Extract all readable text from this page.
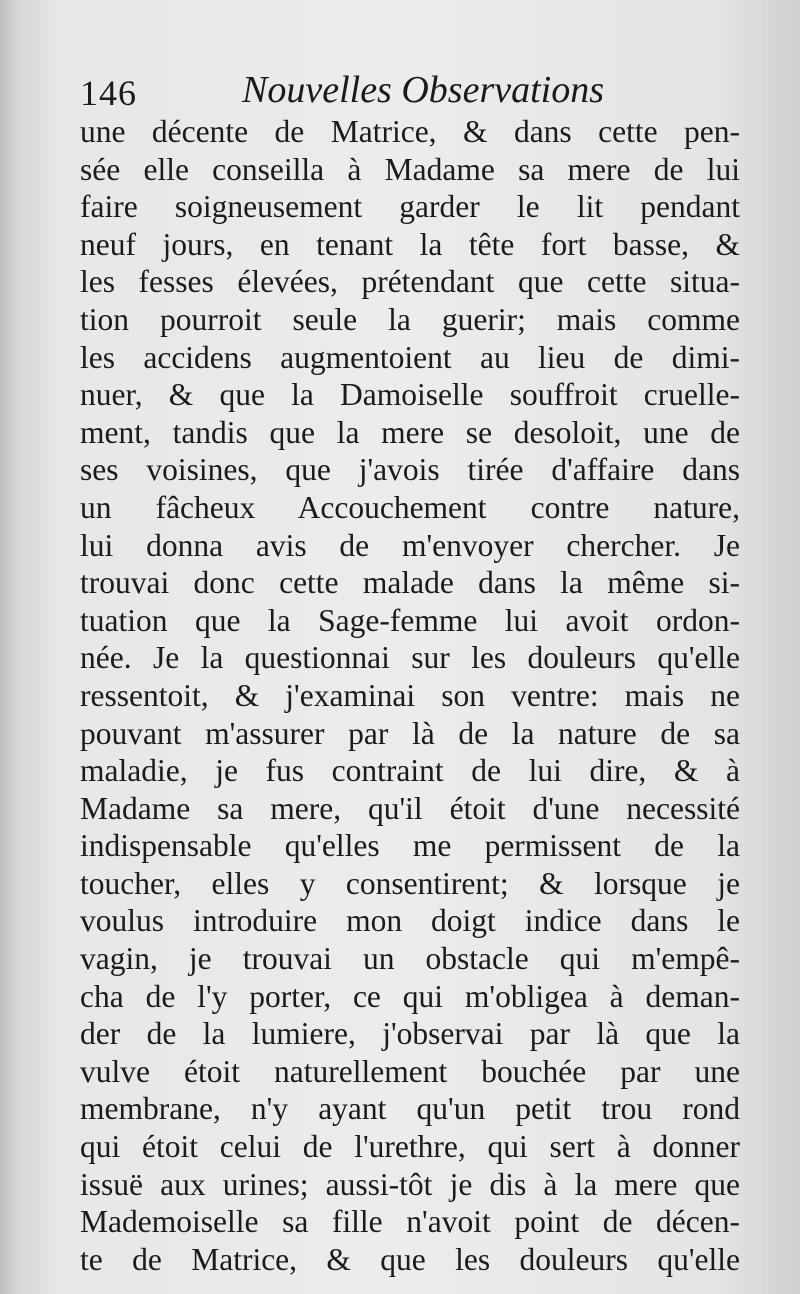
146	Nouvelles Observations
une décente de Matrice, & dans cette pen-
sée elle conseilla à Madame sa mere de lui
faire soigneusement garder le lit pendant
neuf jours, en tenant la tête fort basse, &
les fesses élevées, prétendant que cette situa-
tion pourroit seule la guerir; mais comme
les accidens augmentoient au lieu de dimi-
nuer, & que la Damoiselle souffroit cruelle-
ment, tandis que la mere se desoloit, une de
ses voisines, que j'avois tirée d'affaire dans
un fâcheux Accouchement contre nature,
lui donna avis de m'envoyer chercher. Je
trouvai donc cette malade dans la même si-
tuation que la Sage-femme lui avoit ordon-
née. Je la questionnai sur les douleurs qu'elle
ressentoit, & j'examinai son ventre: mais ne
pouvant m'assurer par là de la nature de sa
maladie, je fus contraint de lui dire, & à
Madame sa mere, qu'il étoit d'une necessité
indispensable qu'elles me permissent de la
toucher, elles y consentirent; & lorsque je
voulus introduire mon doigt indice dans le
vagin, je trouvai un obstacle qui m'empê-
cha de l'y porter, ce qui m'obligea à deman-
der de la lumiere, j'observai par là que la
vulve étoit naturellement bouchée par une
membrane, n'y ayant qu'un petit trou rond
qui étoit celui de l'urethre, qui sert à donner
issuë aux urines; aussi-tôt je dis à la mere que
Mademoiselle sa fille n'avoit point de décen-
te de Matrice, & que les douleurs qu'elle
